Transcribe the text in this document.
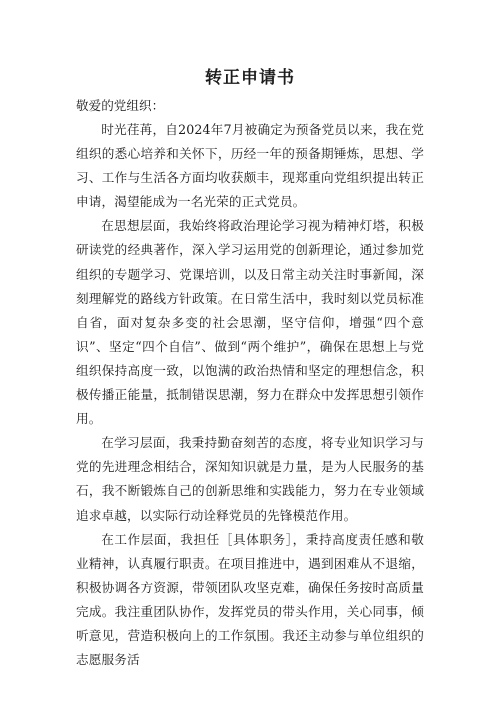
转正申请书

敬爱的党组织：

时光荏苒，自2024年7月被确定为预备党员以来，我在党组织的悉心培养和关怀下，历经一年的预备期锤炼，思想、学习、工作与生活各方面均收获颇丰，现郑重向党组织提出转正申请，渴望能成为一名光荣的正式党员。

在思想层面，我始终将政治理论学习视为精神灯塔，积极研读党的经典著作，深入学习运用党的创新理论，通过参加党组织的专题学习、党课培训，以及日常主动关注时事新闻，深刻理解党的路线方针政策。在日常生活中，我时刻以党员标准自省，面对复杂多变的社会思潮，坚守信仰，增强“四个意识”、坚定“四个自信”、做到“两个维护”，确保在思想上与党组织保持高度一致，以饱满的政治热情和坚定的理想信念，积极传播正能量，抵制错误思潮，努力在群众中发挥思想引领作用。

在学习层面，我秉持勤奋刻苦的态度，将专业知识学习与党的先进理念相结合，深知知识就是力量，是为人民服务的基石，我不断锻炼自己的创新思维和实践能力，努力在专业领域追求卓越，以实际行动诠释党员的先锋模范作用。

在工作层面，我担任［具体职务］，秉持高度责任感和敬业精神，认真履行职责。在项目推进中，遇到困难从不退缩，积极协调各方资源，带领团队攻坚克难，确保任务按时高质量完成。我注重团队协作，发挥党员的带头作用，关心同事，倾听意见，营造积极向上的工作氛围。我还主动参与单位组织的志愿服务活
